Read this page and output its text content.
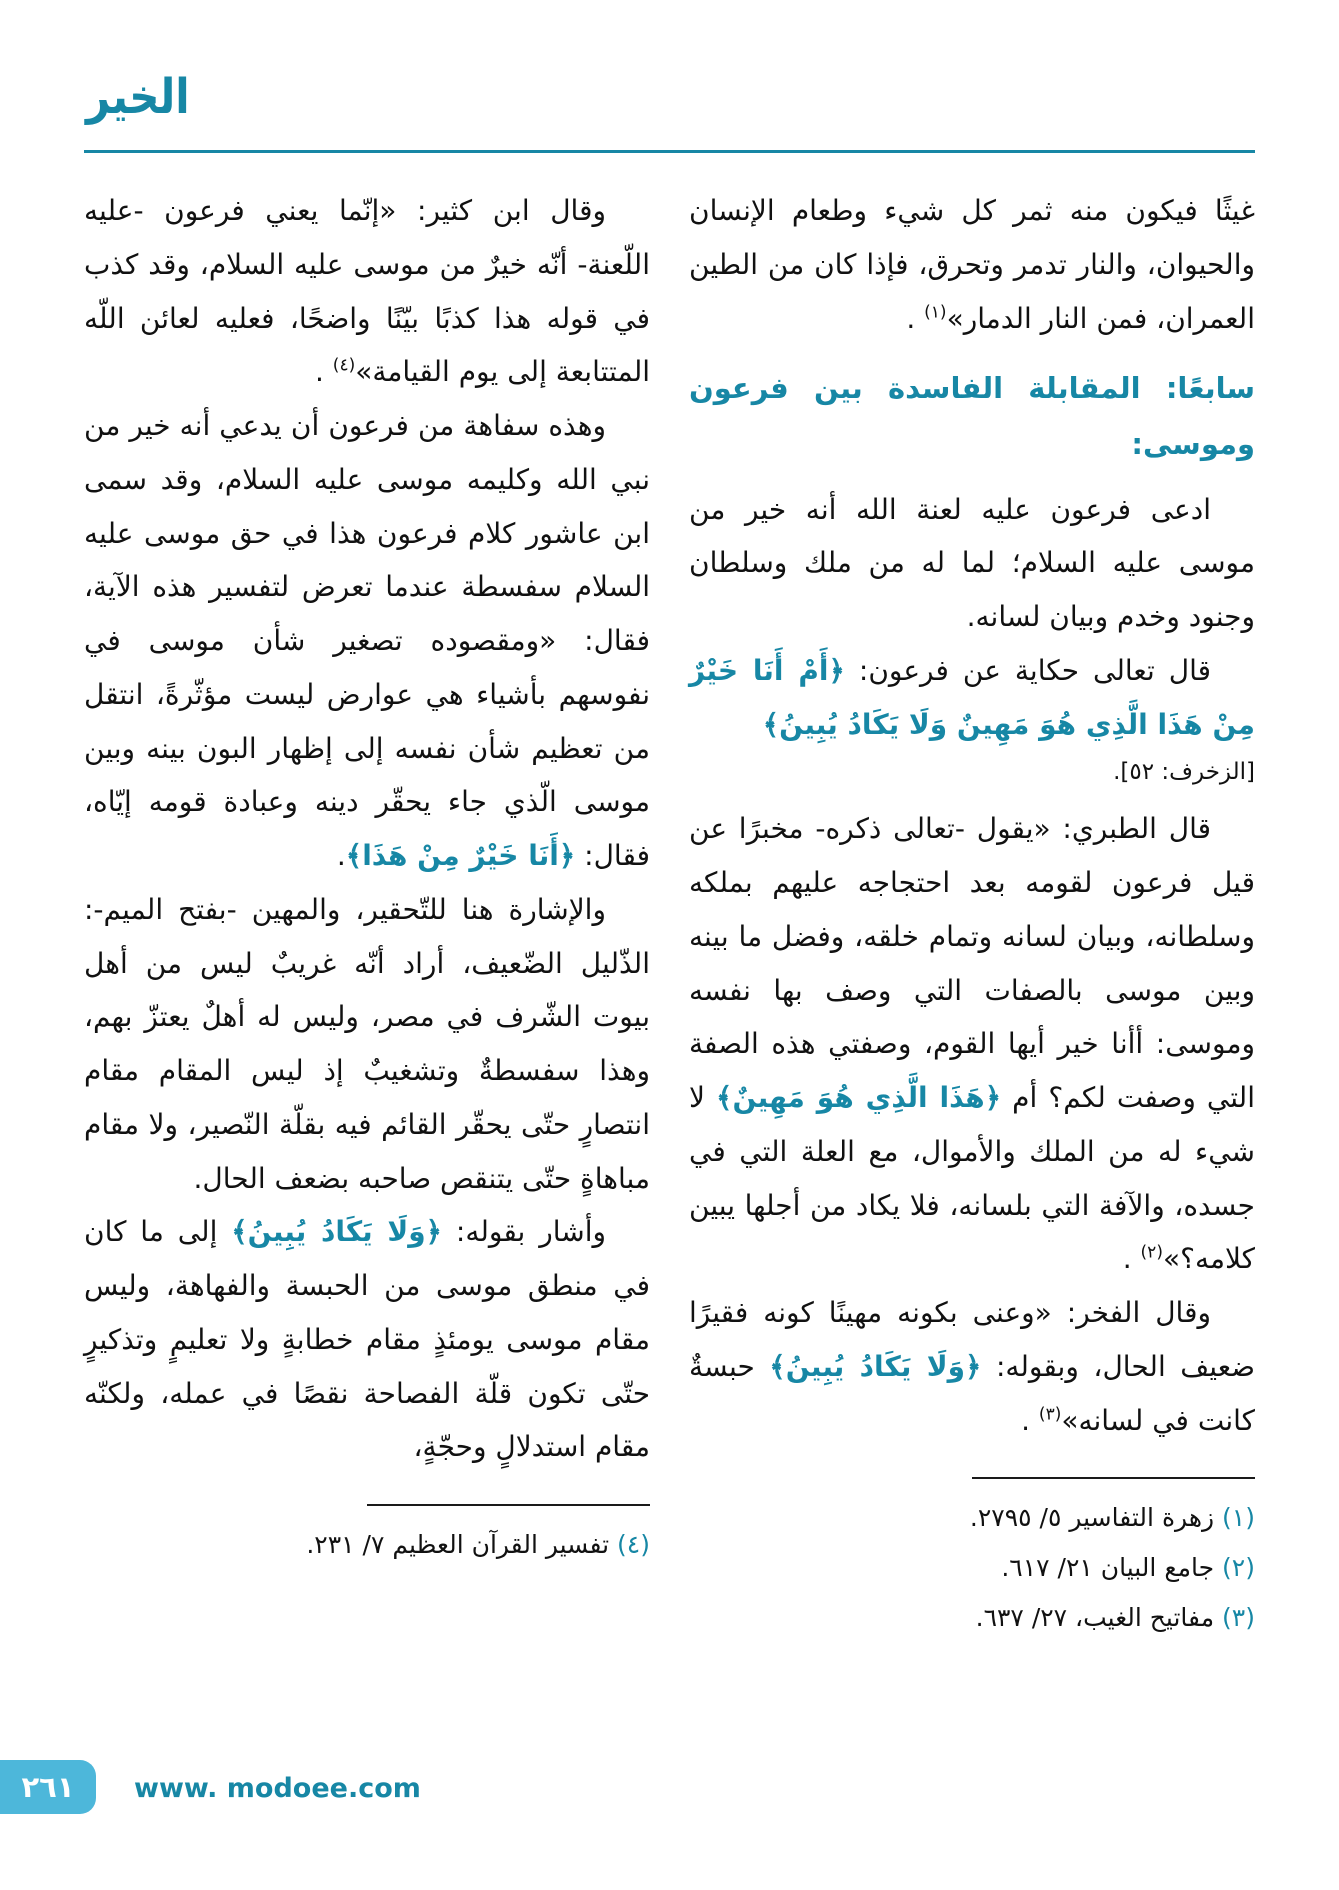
الخير

غيثًا فيكون منه ثمر كل شيء وطعام الإنسان والحيوان، والنار تدمر وتحرق، فإذا كان من الطين العمران، فمن النار الدمار»$^{(١)}$ .

سابعًا: المقابلة الفاسدة بين فرعون وموسى:

ادعى فرعون عليه لعنة الله أنه خير من موسى عليه السلام؛ لما له من ملك وسلطان وجنود وخدم وبيان لسانه.

قال تعالى حكاية عن فرعون: ﴿أَمْ أَنَا خَيْرٌ مِنْ هَذَا الَّذِي هُوَ مَهِينٌ وَلَا يَكَادُ يُبِينُ﴾

[الزخرف: ٥٢].

قال الطبري: «يقول -تعالى ذكره- مخبرًا عن قيل فرعون لقومه بعد احتجاجه عليهم بملكه وسلطانه، وبيان لسانه وتمام خلقه، وفضل ما بينه وبين موسى بالصفات التي وصف بها نفسه وموسى: أأنا خير أيها القوم، وصفتي هذه الصفة التي وصفت لكم؟ أم ﴿هَذَا الَّذِي هُوَ مَهِينٌ﴾ لا شيء له من الملك والأموال، مع العلة التي في جسده، والآفة التي بلسانه، فلا يكاد من أجلها يبين كلامه؟»$^{(٢)}$ .

وقال الفخر: «وعنى بكونه مهينًا كونه فقيرًا ضعيف الحال، وبقوله: ﴿وَلَا يَكَادُ يُبِينُ﴾ حبسةٌ كانت في لسانه»$^{(٣)}$ .

(١) زهرة التفاسير ٥/ ٢٧٩٥.

(٢) جامع البيان ٢١/ ٦١٧.

(٣) مفاتيح الغيب، ٢٧/ ٦٣٧.

وقال ابن كثير: «إنّما يعني فرعون -عليه اللّعنة- أنّه خيرٌ من موسى عليه السلام، وقد كذب في قوله هذا كذبًا بيّنًا واضحًا، فعليه لعائن اللّه المتتابعة إلى يوم القيامة»$^{(٤)}$ .

وهذه سفاهة من فرعون أن يدعي أنه خير من نبي الله وكليمه موسى عليه السلام، وقد سمى ابن عاشور كلام فرعون هذا في حق موسى عليه السلام سفسطة عندما تعرض لتفسير هذه الآية، فقال: «ومقصوده تصغير شأن موسى في نفوسهم بأشياء هي عوارض ليست مؤثّرةً، انتقل من تعظيم شأن نفسه إلى إظهار البون بينه وبين موسى الّذي جاء يحقّر دينه وعبادة قومه إيّاه، فقال: ﴿أَنَا خَيْرٌ مِنْ هَذَا﴾.

والإشارة هنا للتّحقير، والمهين -بفتح الميم-: الذّليل الضّعيف، أراد أنّه غريبٌ ليس من أهل بيوت الشّرف في مصر، وليس له أهلٌ يعتزّ بهم، وهذا سفسطةٌ وتشغيبٌ إذ ليس المقام مقام انتصارٍ حتّى يحقّر القائم فيه بقلّة النّصير، ولا مقام مباهاةٍ حتّى يتنقص صاحبه بضعف الحال.

وأشار بقوله: ﴿وَلَا يَكَادُ يُبِينُ﴾ إلى ما كان في منطق موسى من الحبسة والفهاهة، وليس مقام موسى يومئذٍ مقام خطابةٍ ولا تعليمٍ وتذكيرٍ حتّى تكون قلّة الفصاحة نقصًا في عمله، ولكنّه مقام استدلالٍ وحجّةٍ،

(٤) تفسير القرآن العظيم ٧/ ٢٣١.

٢٦١	www. modoee.com
